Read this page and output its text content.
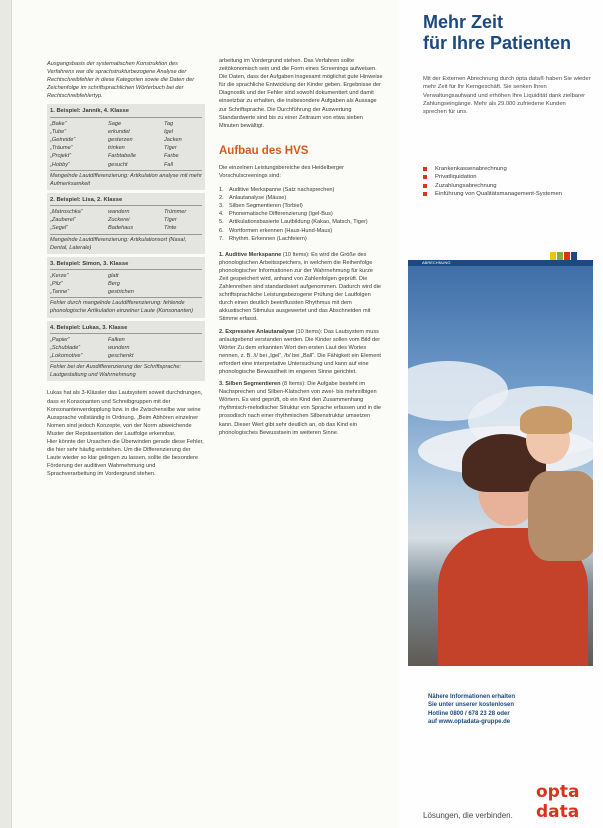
Ausgangsbasis der systematischen Konstruktion des Verfahrens war die sprachstrukturbezogene Analyse der Rechtschreibfehler in diese Kategorien sowie die Daten der Zeichenfolge im schriftsprachlichen Wörterbuch bei der Rechtschreibfehlertyp.

1. Beispiel: Jannik, 4. Klasse
„Bake“	Sage	Tag
„Tube“	erkundet	Igel
„Getreide“	gesterzen	Jacken
„Träume“	trinken	Tiger
„Projekt“	Farbtabelle	Farbe
„Hobby“	gesucht	Fall
Mangelnde Lautdifferenzierung: Artikulation analyse mit mehr Aufmerksamkeit
2. Beispiel: Lisa, 2. Klasse
„Matroschka“	wandern	Trümmer
„Zauberei“	Zuckerei	Tiger
„Segel“	Badehaus	Tinte
Mangelnde Lautdifferenzierung: Artikulationsort (Nasal, Dental, Laterale)
3. Beispiel: Simon, 3. Klasse
„Kerze“	glatt
„Pilz“	Berg
„Tanne“	gestrichen
Fehler durch mangelnde Lautdifferenzierung: fehlende phonologische Artikulation einzelner Laute (Konsonanten)
4. Beispiel: Lukas, 3. Klasse
„Papier“	Falken
„Schublade“	wundern
„Lokomotive“	geschenkt
Fehler bei der Ausdifferenzierung der Schriftsprache: Lautgestaltung und Wahrnehmung

Lukas hat als 3-Klässler das Lautsystem soweit durchdrungen, dass er Konsonanten und Schreibgruppen mit der Konsonantenverdopplung bzw. in die Zwischensilbe war seine Aussprache vollständig in Ordnung. „Beim Abhören einzelner Nomen sind jedoch Konzepte, von der Norm abweichende Muster der Repräsentation der Lautfolge erkennbar.
Hier könnte der Ursachen die Überwinden gerade diese Fehler, die hier sehr häufig entstehen. Um die Differenzierung der Laute wieder so klar gelingen zu lassen, sollte die besondere Förderung der auditiven Wahrnehmung und Sprachverarbeitung im Vordergrund stehen.

arbeitung im Vordergrund stehen. Das Verfahren sollte zeitökonomisch sein und die Form eines Screenings aufweisen. Die Daten, dass der Aufgaben insgesamt möglichst gute Hinweise für die sprachliche Entwicklung der Kinder geben. Ergebnisse der Diagnostik und der Fehler sind sowohl dokumentiert und damit einsetzbar zu erhalten, die insbesondere Aufgaben als Aussage zur Schriftsprache. Die Durchführung der Auswertung Standardwerte sind bis zu einer Zeitraum von etwa sieben Minuten bewältigt.

Aufbau des HVS

Die einzelnen Leistungsbereiche des Heidelberger Vorschulscreenings sind:

1. Auditive Merkspanne (Satz nachsprechen)
2. Anlautanalyse (Mäuse)
3. Silben Segmentieren (Torbiel)
4. Phonematische Differenzierung (Igel-Bus)
5. Artikulationsbasierte Lautbildung (Kakao, Matsch, Tiger)
6. Wortformen erkennen (Haus-Hund-Maus)
7. Rhythm. Erkennen (Lachfeiern)

1. Auditive Merkspanne (10 Items): Es wird die Größe des phonologischen Arbeitsspeichers, in welchem die Reihenfolge phonologischer Informationen zur der Wahrnehmung für kurze Zeit gespeichert wird, anhand von Zahlenfolgen geprüft. Die Zahlenreihen sind standardisiert aufgenommen. Dadurch wird die schriftsprachliche Leistungsbezogene Prüfung der Lautfolgen durch einen deutlich beeinflussten Rhythmus mit dem akkustischen Stimulus ausgewertet und das Abschneiden mit Stimme erfasst.

2. Expressive Anlautanalyse (10 Items): Das Lautsystem muss anlautgebend verstanden werden. Die Kinder sollen vom Bild der Wörter Zu dem erkannten Wort den ersten Laut des Wortes nennen, z. B. /i/ bei „Igel“, /b/ bei „Ball“. Die Fähigkeit ein Element erfordert eine interpretative Untersuchung und kann auf eine phonologische Bewusstheit im engeren Sinne gerichtet.

3. Silben Segmentieren (8 Items): Die Aufgabe besteht im Nachsprechen und Silben-Klatschen von zwei- bis mehrsilbigen Wörtern. Es wird geprüft, ob ein Kind den Zusammenhang rhythmisch-melodischer Struktur von Sprache erfassen und in die prosodisch nach einer rhythmischen Silbenstruktur umsetzen kann. Dieser Wert gibt sehr deutlich an, ob das Kind ein phonologisches Bewusstsein im weiteren Sinne.

Mehr Zeit
für Ihre Patienten
Mit der Externen Abrechnung durch opta data® haben Sie wieder mehr Zeit für Ihr Kerngeschäft. Sie senken Ihren Verwaltungsaufwand und erhöhen Ihre Liquidität dank zielbarer Zahlungseingänge. Mehr als 29.000 zufriedene Kunden sprechen für uns.
Krankenkassenabrechnung
Privatliquidation
Zuzahlungsabrechnung
Einführung von Qualitätsmanagement-Systemen
ABRECHNUNG
Nähere Informationen erhalten
Sie unter unserer kostenlosen
Hotline 0800 / 678 23 28 oder
auf www.optadata-gruppe.de
opta data
Lösungen, die verbinden.
